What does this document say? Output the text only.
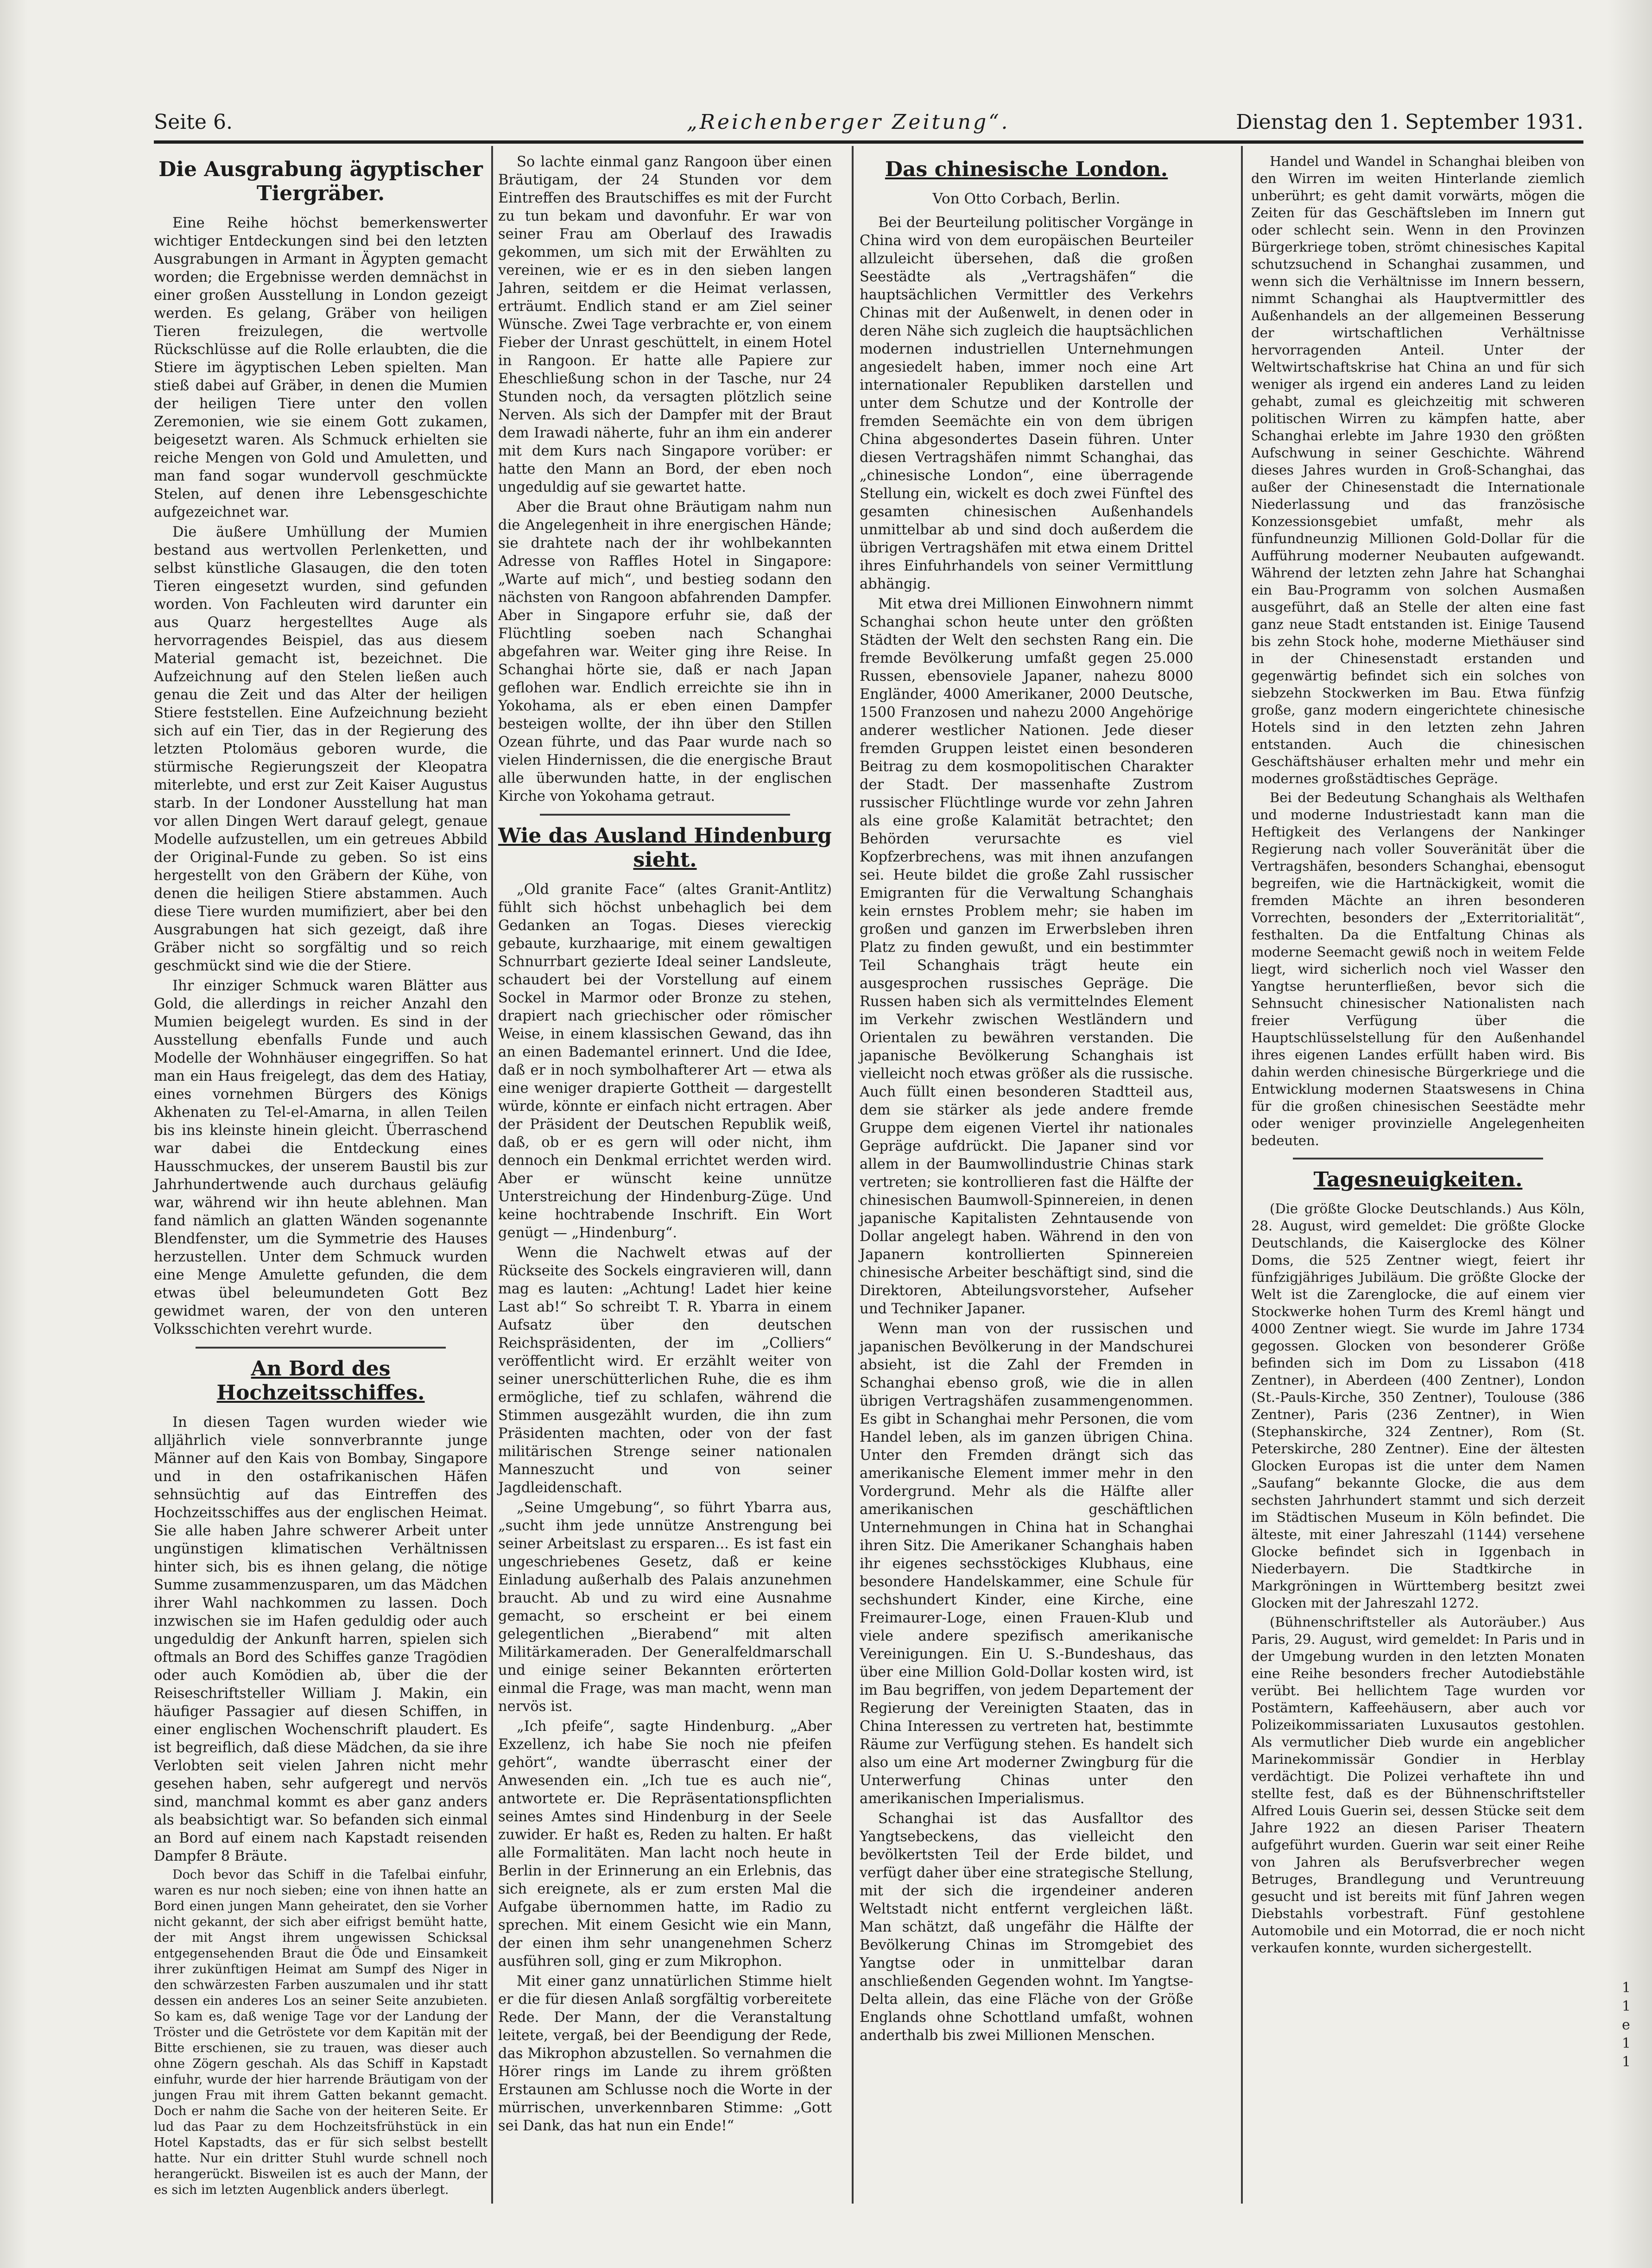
Seite 6.	„Reichenberger Zeitung“.	Dienstag den 1. September 1931.
Die Ausgrabung ägyptischer Tiergräber.

Eine Reihe höchst bemerkenswerter wichtiger Entdeckungen sind bei den letzten Ausgrabungen in Armant in Ägypten gemacht worden; die Ergebnisse werden demnächst in einer großen Ausstellung in London gezeigt werden. Es gelang, Gräber von heiligen Tieren freizulegen, die wertvolle Rückschlüsse auf die Rolle erlaubten, die die Stiere im ägyptischen Leben spielten. Man stieß dabei auf Gräber, in denen die Mumien der heiligen Tiere unter den vollen Zeremonien, wie sie einem Gott zukamen, beigesetzt waren. Als Schmuck erhielten sie reiche Mengen von Gold und Amuletten, und man fand sogar wundervoll geschmückte Stelen, auf denen ihre Lebensgeschichte aufgezeichnet war.

Die äußere Umhüllung der Mumien bestand aus wertvollen Perlenketten, und selbst künstliche Glasaugen, die den toten Tieren eingesetzt wurden, sind gefunden worden. Von Fachleuten wird darunter ein aus Quarz hergestelltes Auge als hervorragendes Beispiel, das aus diesem Material gemacht ist, bezeichnet. Die Aufzeichnung auf den Stelen ließen auch genau die Zeit und das Alter der heiligen Stiere feststellen. Eine Aufzeichnung bezieht sich auf ein Tier, das in der Regierung des letzten Ptolomäus geboren wurde, die stürmische Regierungszeit der Kleopatra miterlebte, und erst zur Zeit Kaiser Augustus starb. In der Londoner Ausstellung hat man vor allen Dingen Wert darauf gelegt, genaue Modelle aufzustellen, um ein getreues Abbild der Original-Funde zu geben. So ist eins hergestellt von den Gräbern der Kühe, von denen die heiligen Stiere abstammen. Auch diese Tiere wurden mumifiziert, aber bei den Ausgrabungen hat sich gezeigt, daß ihre Gräber nicht so sorgfältig und so reich geschmückt sind wie die der Stiere.

Ihr einziger Schmuck waren Blätter aus Gold, die allerdings in reicher Anzahl den Mumien beigelegt wurden. Es sind in der Ausstellung ebenfalls Funde und auch Modelle der Wohnhäuser eingegriffen. So hat man ein Haus freigelegt, das dem des Hatiay, eines vornehmen Bürgers des Königs Akhenaten zu Tel-el-Amarna, in allen Teilen bis ins kleinste hinein gleicht. Überraschend war dabei die Entdeckung eines Hausschmuckes, der unserem Baustil bis zur Jahrhundertwende auch durchaus geläufig war, während wir ihn heute ablehnen. Man fand nämlich an glatten Wänden sogenannte Blendfenster, um die Symmetrie des Hauses herzustellen. Unter dem Schmuck wurden eine Menge Amulette gefunden, die dem etwas übel beleumundeten Gott Bez gewidmet waren, der von den unteren Volksschichten verehrt wurde.

An Bord des Hochzeitsschiffes.

In diesen Tagen wurden wieder wie alljährlich viele sonnverbrannte junge Männer auf den Kais von Bombay, Singapore und in den ostafrikanischen Häfen sehnsüchtig auf das Eintreffen des Hochzeitsschiffes aus der englischen Heimat. Sie alle haben Jahre schwerer Arbeit unter ungünstigen klimatischen Verhältnissen hinter sich, bis es ihnen gelang, die nötige Summe zusammenzusparen, um das Mädchen ihrer Wahl nachkommen zu lassen. Doch inzwischen sie im Hafen geduldig oder auch ungeduldig der Ankunft harren, spielen sich oftmals an Bord des Schiffes ganze Tragödien oder auch Komödien ab, über die der Reiseschriftsteller William J. Makin, ein häufiger Passagier auf diesen Schiffen, in einer englischen Wochenschrift plaudert. Es ist begreiflich, daß diese Mädchen, da sie ihre Verlobten seit vielen Jahren nicht mehr gesehen haben, sehr aufgeregt und nervös sind, manchmal kommt es aber ganz anders als beabsichtigt war. So befanden sich einmal an Bord auf einem nach Kapstadt reisenden Dampfer 8 Bräute.

Doch bevor das Schiff in die Tafelbai einfuhr, waren es nur noch sieben; eine von ihnen hatte an Bord einen jungen Mann geheiratet, den sie Vorher nicht gekannt, der sich aber eifrigst bemüht hatte, der mit Angst ihrem ungewissen Schicksal entgegensehenden Braut die Öde und Einsamkeit ihrer zukünftigen Heimat am Sumpf des Niger in den schwärzesten Farben auszumalen und ihr statt dessen ein anderes Los an seiner Seite anzubieten. So kam es, daß wenige Tage vor der Landung der Tröster und die Getröstete vor dem Kapitän mit der Bitte erschienen, sie zu trauen, was dieser auch ohne Zögern geschah. Als das Schiff in Kapstadt einfuhr, wurde der hier harrende Bräutigam von der jungen Frau mit ihrem Gatten bekannt gemacht. Doch er nahm die Sache von der heiteren Seite. Er lud das Paar zu dem Hochzeitsfrühstück in ein Hotel Kapstadts, das er für sich selbst bestellt hatte. Nur ein dritter Stuhl wurde schnell noch herangerückt. Bisweilen ist es auch der Mann, der es sich im letzten Augenblick anders überlegt.

So lachte einmal ganz Rangoon über einen Bräutigam, der 24 Stunden vor dem Eintreffen des Brautschiffes es mit der Furcht zu tun bekam und davonfuhr. Er war von seiner Frau am Oberlauf des Irawadis gekommen, um sich mit der Erwählten zu vereinen, wie er es in den sieben langen Jahren, seitdem er die Heimat verlassen, erträumt. Endlich stand er am Ziel seiner Wünsche. Zwei Tage verbrachte er, von einem Fieber der Unrast geschüttelt, in einem Hotel in Rangoon. Er hatte alle Papiere zur Eheschließung schon in der Tasche, nur 24 Stunden noch, da versagten plötzlich seine Nerven. Als sich der Dampfer mit der Braut dem Irawadi näherte, fuhr an ihm ein anderer mit dem Kurs nach Singapore vorüber: er hatte den Mann an Bord, der eben noch ungeduldig auf sie gewartet hatte.

Aber die Braut ohne Bräutigam nahm nun die Angelegenheit in ihre energischen Hände; sie drahtete nach der ihr wohlbekannten Adresse von Raffles Hotel in Singapore: „Warte auf mich“, und bestieg sodann den nächsten von Rangoon abfahrenden Dampfer. Aber in Singapore erfuhr sie, daß der Flüchtling soeben nach Schanghai abgefahren war. Weiter ging ihre Reise. In Schanghai hörte sie, daß er nach Japan geflohen war. Endlich erreichte sie ihn in Yokohama, als er eben einen Dampfer besteigen wollte, der ihn über den Stillen Ozean führte, und das Paar wurde nach so vielen Hindernissen, die die energische Braut alle überwunden hatte, in der englischen Kirche von Yokohama getraut.

Wie das Ausland Hindenburg sieht.

„Old granite Face“ (altes Granit-Antlitz) fühlt sich höchst unbehaglich bei dem Gedanken an Togas. Dieses viereckig gebaute, kurzhaarige, mit einem gewaltigen Schnurrbart gezierte Ideal seiner Landsleute, schaudert bei der Vorstellung auf einem Sockel in Marmor oder Bronze zu stehen, drapiert nach griechischer oder römischer Weise, in einem klassischen Gewand, das ihn an einen Bademantel erinnert. Und die Idee, daß er in noch symbolhafterer Art — etwa als eine weniger drapierte Gottheit — dargestellt würde, könnte er einfach nicht ertragen. Aber der Präsident der Deutschen Republik weiß, daß, ob er es gern will oder nicht, ihm dennoch ein Denkmal errichtet werden wird. Aber er wünscht keine unnütze Unterstreichung der Hindenburg-Züge. Und keine hochtrabende Inschrift. Ein Wort genügt — „Hindenburg“.

Wenn die Nachwelt etwas auf der Rückseite des Sockels eingravieren will, dann mag es lauten: „Achtung! Ladet hier keine Last ab!“ So schreibt T. R. Ybarra in einem Aufsatz über den deutschen Reichspräsidenten, der im „Colliers“ veröffentlicht wird. Er erzählt weiter von seiner unerschütterlichen Ruhe, die es ihm ermögliche, tief zu schlafen, während die Stimmen ausgezählt wurden, die ihn zum Präsidenten machten, oder von der fast militärischen Strenge seiner nationalen Manneszucht und von seiner Jagdleidenschaft.

„Seine Umgebung“, so führt Ybarra aus, „sucht ihm jede unnütze Anstrengung bei seiner Arbeitslast zu ersparen... Es ist fast ein ungeschriebenes Gesetz, daß er keine Einladung außerhalb des Palais anzunehmen braucht. Ab und zu wird eine Ausnahme gemacht, so erscheint er bei einem gelegentlichen „Bierabend“ mit alten Militärkameraden. Der Generalfeldmarschall und einige seiner Bekannten erörterten einmal die Frage, was man macht, wenn man nervös ist.

„Ich pfeife“, sagte Hindenburg. „Aber Exzellenz, ich habe Sie noch nie pfeifen gehört“, wandte überrascht einer der Anwesenden ein. „Ich tue es auch nie“, antwortete er. Die Repräsentationspflichten seines Amtes sind Hindenburg in der Seele zuwider. Er haßt es, Reden zu halten. Er haßt alle Formalitäten. Man lacht noch heute in Berlin in der Erinnerung an ein Erlebnis, das sich ereignete, als er zum ersten Mal die Aufgabe übernommen hatte, im Radio zu sprechen. Mit einem Gesicht wie ein Mann, der einen ihm sehr unangenehmen Scherz ausführen soll, ging er zum Mikrophon.

Mit einer ganz unnatürlichen Stimme hielt er die für diesen Anlaß sorgfältig vorbereitete Rede. Der Mann, der die Veranstaltung leitete, vergaß, bei der Beendigung der Rede, das Mikrophon abzustellen. So vernahmen die Hörer rings im Lande zu ihrem größten Erstaunen am Schlusse noch die Worte in der mürrischen, unverkennbaren Stimme: „Gott sei Dank, das hat nun ein Ende!“

Das chinesische London.

Von Otto Corbach, Berlin.

Bei der Beurteilung politischer Vorgänge in China wird von dem europäischen Beurteiler allzuleicht übersehen, daß die großen Seestädte als „Vertragshäfen“ die hauptsächlichen Vermittler des Verkehrs Chinas mit der Außenwelt, in denen oder in deren Nähe sich zugleich die hauptsächlichen modernen industriellen Unternehmungen angesiedelt haben, immer noch eine Art internationaler Republiken darstellen und unter dem Schutze und der Kontrolle der fremden Seemächte ein von dem übrigen China abgesondertes Dasein führen. Unter diesen Vertragshäfen nimmt Schanghai, das „chinesische London“, eine überragende Stellung ein, wickelt es doch zwei Fünftel des gesamten chinesischen Außenhandels unmittelbar ab und sind doch außerdem die übrigen Vertragshäfen mit etwa einem Drittel ihres Einfuhrhandels von seiner Vermittlung abhängig.

Mit etwa drei Millionen Einwohnern nimmt Schanghai schon heute unter den größten Städten der Welt den sechsten Rang ein. Die fremde Bevölkerung umfaßt gegen 25.000 Russen, ebensoviele Japaner, nahezu 8000 Engländer, 4000 Amerikaner, 2000 Deutsche, 1500 Franzosen und nahezu 2000 Angehörige anderer westlicher Nationen. Jede dieser fremden Gruppen leistet einen besonderen Beitrag zu dem kosmopolitischen Charakter der Stadt. Der massenhafte Zustrom russischer Flüchtlinge wurde vor zehn Jahren als eine große Kalamität betrachtet; den Behörden verursachte es viel Kopfzerbrechens, was mit ihnen anzufangen sei. Heute bildet die große Zahl russischer Emigranten für die Verwaltung Schanghais kein ernstes Problem mehr; sie haben im großen und ganzen im Erwerbsleben ihren Platz zu finden gewußt, und ein bestimmter Teil Schanghais trägt heute ein ausgesprochen russisches Gepräge. Die Russen haben sich als vermittelndes Element im Verkehr zwischen Westländern und Orientalen zu bewähren verstanden. Die japanische Bevölkerung Schanghais ist vielleicht noch etwas größer als die russische. Auch füllt einen besonderen Stadtteil aus, dem sie stärker als jede andere fremde Gruppe dem eigenen Viertel ihr nationales Gepräge aufdrückt. Die Japaner sind vor allem in der Baumwollindustrie Chinas stark vertreten; sie kontrollieren fast die Hälfte der chinesischen Baumwoll-Spinnereien, in denen japanische Kapitalisten Zehntausende von Dollar angelegt haben. Während in den von Japanern kontrollierten Spinnereien chinesische Arbeiter beschäftigt sind, sind die Direktoren, Abteilungsvorsteher, Aufseher und Techniker Japaner.

Wenn man von der russischen und japanischen Bevölkerung in der Mandschurei absieht, ist die Zahl der Fremden in Schanghai ebenso groß, wie die in allen übrigen Vertragshäfen zusammengenommen. Es gibt in Schanghai mehr Personen, die vom Handel leben, als im ganzen übrigen China. Unter den Fremden drängt sich das amerikanische Element immer mehr in den Vordergrund. Mehr als die Hälfte aller amerikanischen geschäftlichen Unternehmungen in China hat in Schanghai ihren Sitz. Die Amerikaner Schanghais haben ihr eigenes sechsstöckiges Klubhaus, eine besondere Handelskammer, eine Schule für sechshundert Kinder, eine Kirche, eine Freimaurer-Loge, einen Frauen-Klub und viele andere spezifisch amerikanische Vereinigungen. Ein U. S.-Bundeshaus, das über eine Million Gold-Dollar kosten wird, ist im Bau begriffen, von jedem Departement der Regierung der Vereinigten Staaten, das in China Interessen zu vertreten hat, bestimmte Räume zur Verfügung stehen. Es handelt sich also um eine Art moderner Zwingburg für die Unterwerfung Chinas unter den amerikanischen Imperialismus.

Schanghai ist das Ausfalltor des Yangtsebeckens, das vielleicht den bevölkertsten Teil der Erde bildet, und verfügt daher über eine strategische Stellung, mit der sich die irgendeiner anderen Weltstadt nicht entfernt vergleichen läßt. Man schätzt, daß ungefähr die Hälfte der Bevölkerung Chinas im Stromgebiet des Yangtse oder in unmittelbar daran anschließenden Gegenden wohnt. Im Yangtse-Delta allein, das eine Fläche von der Größe Englands ohne Schottland umfaßt, wohnen anderthalb bis zwei Millionen Menschen.

Handel und Wandel in Schanghai bleiben von den Wirren im weiten Hinterlande ziemlich unberührt; es geht damit vorwärts, mögen die Zeiten für das Geschäftsleben im Innern gut oder schlecht sein. Wenn in den Provinzen Bürgerkriege toben, strömt chinesisches Kapital schutzsuchend in Schanghai zusammen, und wenn sich die Verhältnisse im Innern bessern, nimmt Schanghai als Hauptvermittler des Außenhandels an der allgemeinen Besserung der wirtschaftlichen Verhältnisse hervorragenden Anteil. Unter der Weltwirtschaftskrise hat China an und für sich weniger als irgend ein anderes Land zu leiden gehabt, zumal es gleichzeitig mit schweren politischen Wirren zu kämpfen hatte, aber Schanghai erlebte im Jahre 1930 den größten Aufschwung in seiner Geschichte. Während dieses Jahres wurden in Groß-Schanghai, das außer der Chinesenstadt die Internationale Niederlassung und das französische Konzessionsgebiet umfaßt, mehr als fünfundneunzig Millionen Gold-Dollar für die Aufführung moderner Neubauten aufgewandt. Während der letzten zehn Jahre hat Schanghai ein Bau-Programm von solchen Ausmaßen ausgeführt, daß an Stelle der alten eine fast ganz neue Stadt entstanden ist. Einige Tausend bis zehn Stock hohe, moderne Miethäuser sind in der Chinesenstadt erstanden und gegenwärtig befindet sich ein solches von siebzehn Stockwerken im Bau. Etwa fünfzig große, ganz modern eingerichtete chinesische Hotels sind in den letzten zehn Jahren entstanden. Auch die chinesischen Geschäftshäuser erhalten mehr und mehr ein modernes großstädtisches Gepräge.

Bei der Bedeutung Schanghais als Welthafen und moderne Industriestadt kann man die Heftigkeit des Verlangens der Nankinger Regierung nach voller Souveränität über die Vertragshäfen, besonders Schanghai, ebensogut begreifen, wie die Hartnäckigkeit, womit die fremden Mächte an ihren besonderen Vorrechten, besonders der „Exterritorialität“, festhalten. Da die Entfaltung Chinas als moderne Seemacht gewiß noch in weitem Felde liegt, wird sicherlich noch viel Wasser den Yangtse herunterfließen, bevor sich die Sehnsucht chinesischer Nationalisten nach freier Verfügung über die Hauptschlüsselstellung für den Außenhandel ihres eigenen Landes erfüllt haben wird. Bis dahin werden chinesische Bürgerkriege und die Entwicklung modernen Staatswesens in China für die großen chinesischen Seestädte mehr oder weniger provinzielle Angelegenheiten bedeuten.

Tagesneuigkeiten.

(Die größte Glocke Deutschlands.) Aus Köln, 28. August, wird gemeldet: Die größte Glocke Deutschlands, die Kaiserglocke des Kölner Doms, die 525 Zentner wiegt, feiert ihr fünfzigjähriges Jubiläum. Die größte Glocke der Welt ist die Zarenglocke, die auf einem vier Stockwerke hohen Turm des Kreml hängt und 4000 Zentner wiegt. Sie wurde im Jahre 1734 gegossen. Glocken von besonderer Größe befinden sich im Dom zu Lissabon (418 Zentner), in Aberdeen (400 Zentner), London (St.-Pauls-Kirche, 350 Zentner), Toulouse (386 Zentner), Paris (236 Zentner), in Wien (Stephanskirche, 324 Zentner), Rom (St. Peterskirche, 280 Zentner). Eine der ältesten Glocken Europas ist die unter dem Namen „Saufang“ bekannte Glocke, die aus dem sechsten Jahrhundert stammt und sich derzeit im Städtischen Museum in Köln befindet. Die älteste, mit einer Jahreszahl (1144) versehene Glocke befindet sich in Iggenbach in Niederbayern. Die Stadtkirche in Markgröningen in Württemberg besitzt zwei Glocken mit der Jahreszahl 1272.

(Bühnenschriftsteller als Autoräuber.) Aus Paris, 29. August, wird gemeldet: In Paris und in der Umgebung wurden in den letzten Monaten eine Reihe besonders frecher Autodiebstähle verübt. Bei hellichtem Tage wurden vor Postämtern, Kaffeehäusern, aber auch vor Polizeikommissariaten Luxusautos gestohlen. Als vermutlicher Dieb wurde ein angeblicher Marinekommissär Gondier in Herblay verdächtigt. Die Polizei verhaftete ihn und stellte fest, daß es der Bühnenschriftsteller Alfred Louis Guerin sei, dessen Stücke seit dem Jahre 1922 an diesen Pariser Theatern aufgeführt wurden. Guerin war seit einer Reihe von Jahren als Berufsverbrecher wegen Betruges, Brandlegung und Veruntreuung gesucht und ist bereits mit fünf Jahren wegen Diebstahls vorbestraft. Fünf gestohlene Automobile und ein Motorrad, die er noch nicht verkaufen konnte, wurden sichergestellt.

1
1
e
1
1
